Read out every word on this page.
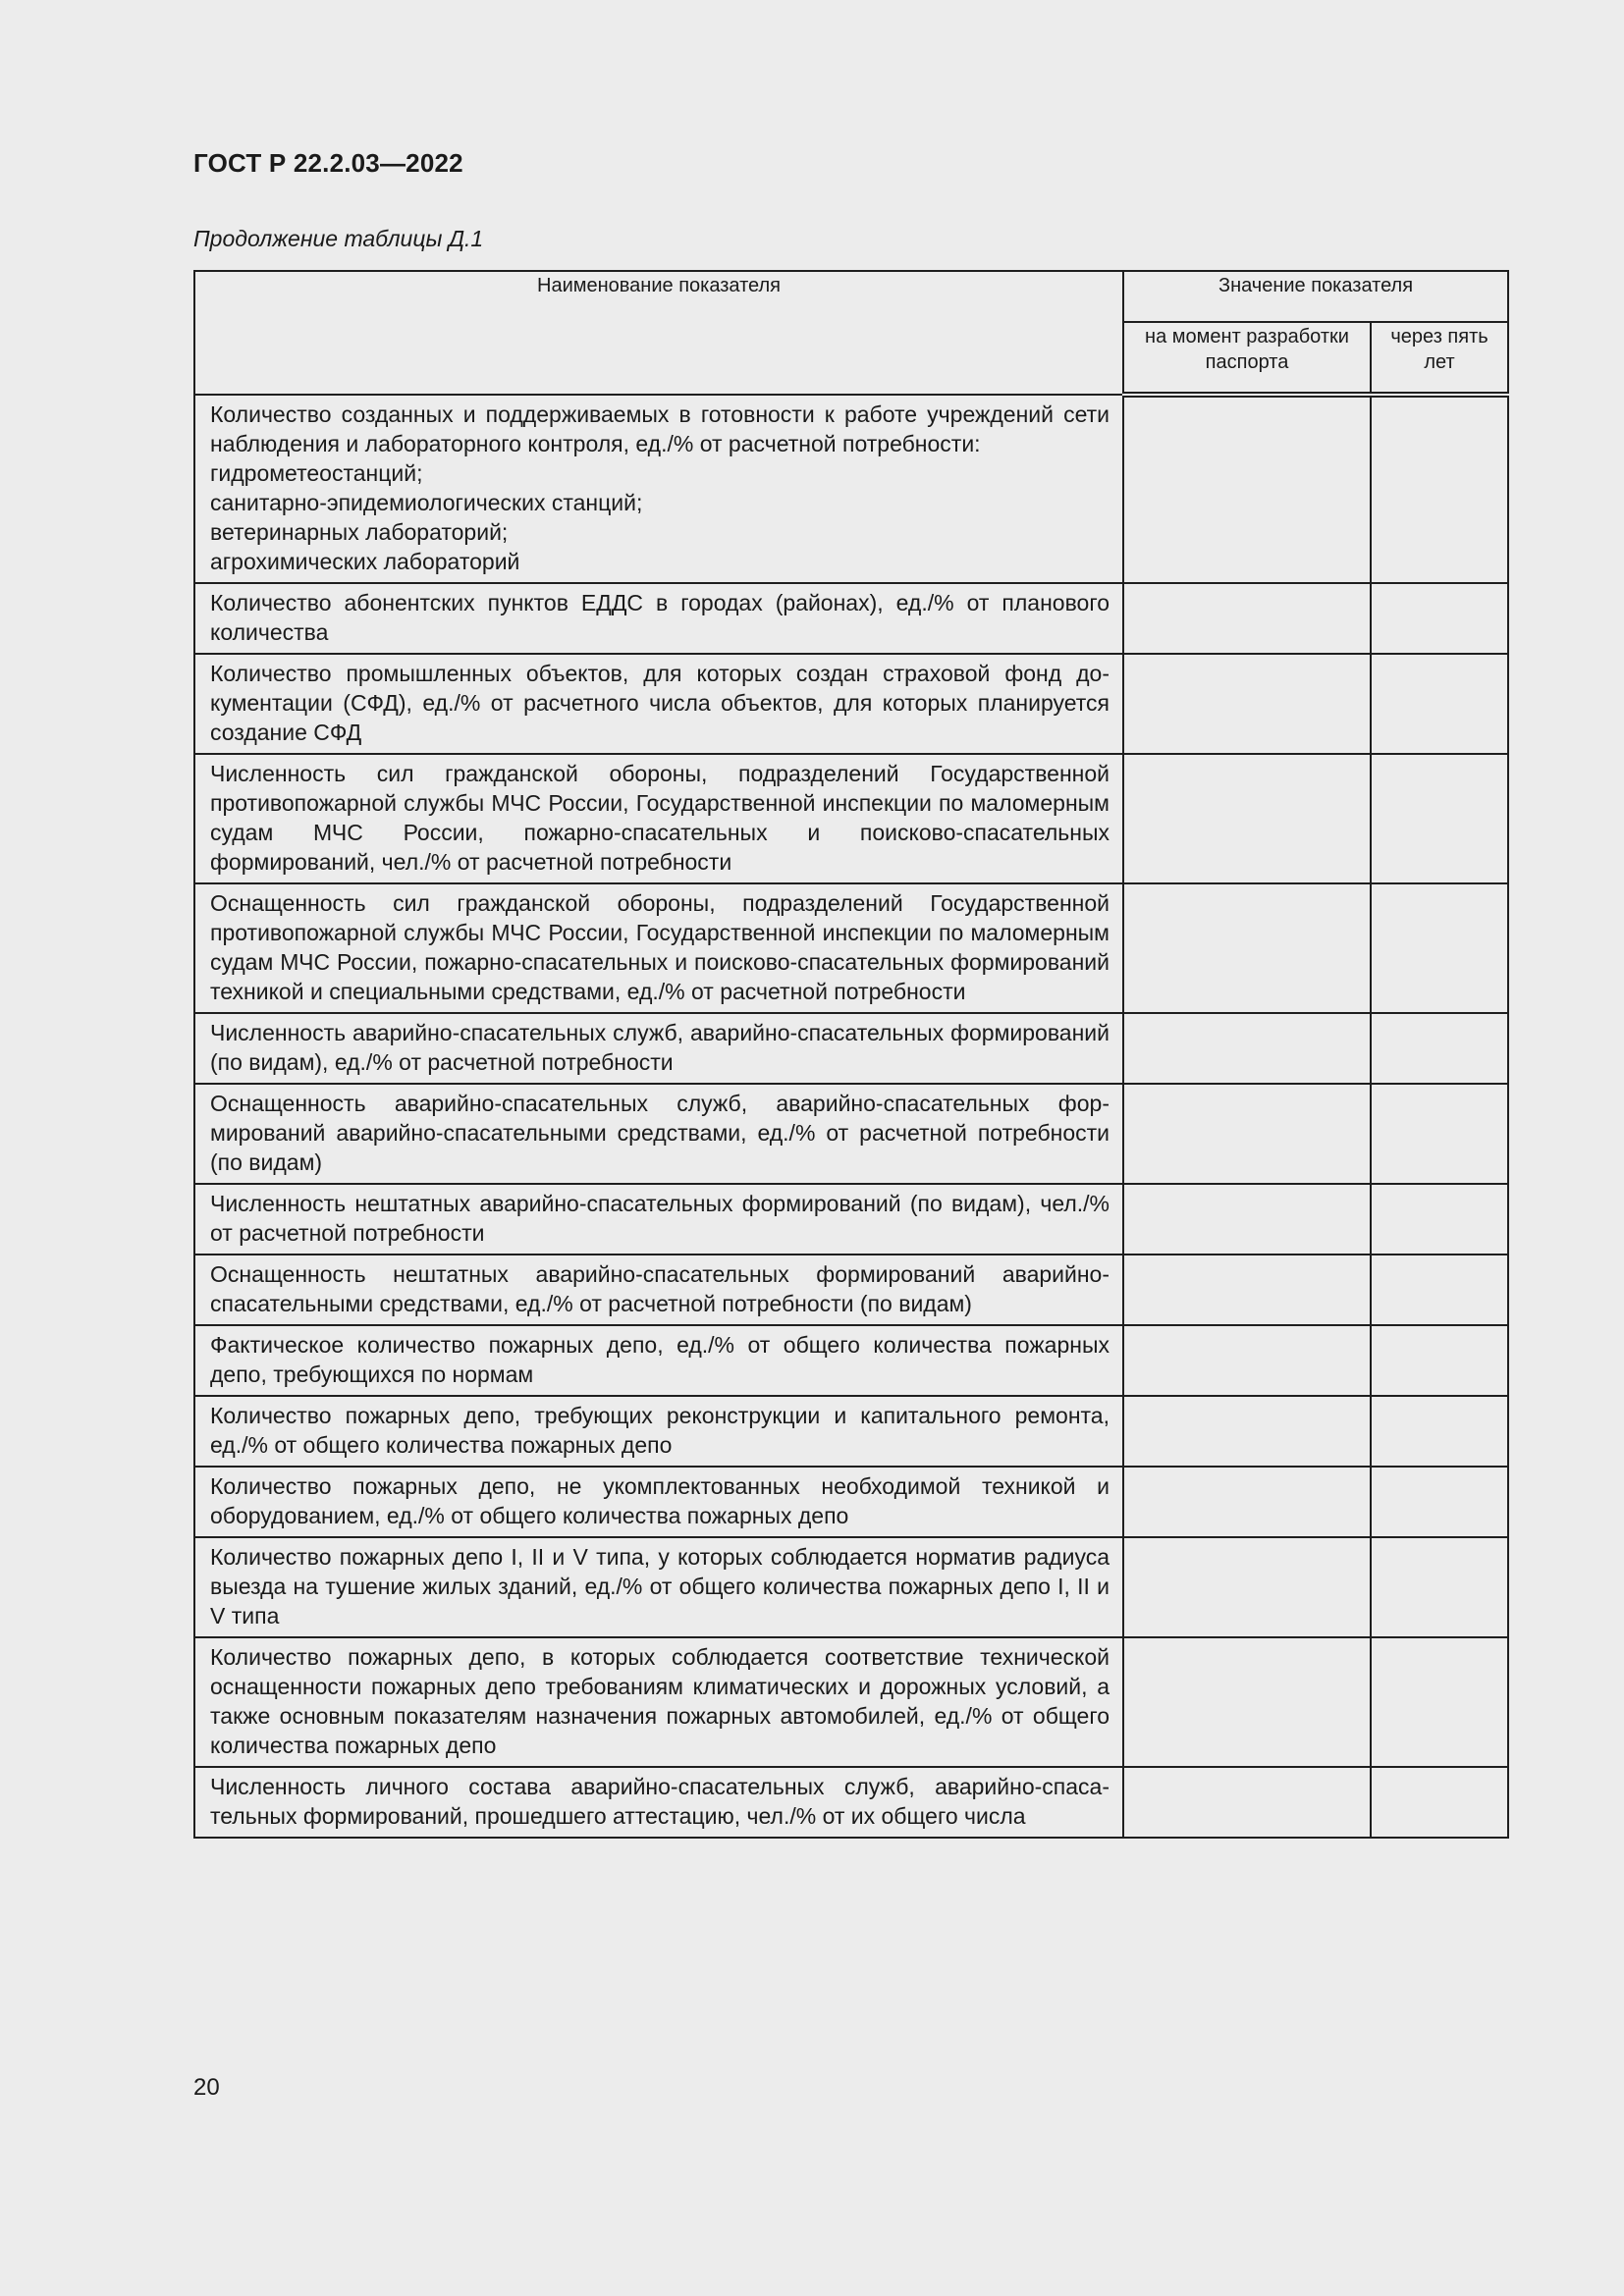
ГОСТ Р 22.2.03—2022
Продолжение таблицы Д.1
Наименование показателя	Значение показателя	
	на момент разработки паспорта	через пять лет

Количество созданных и поддерживаемых в готовности к работе учреждений сети наблюдения и лабораторного контроля, ед./% от расчетной потребности:
гидрометеостанций;
санитарно-эпидемиологических станций;
ветеринарных лабораторий;
агрохимических лабораторий		

Количество абонентских пунктов ЕДДС в городах (районах), ед./% от планового количества		

Количество промышленных объектов, для которых создан страховой фонд документации (СФД), ед./% от расчетного числа объектов, для которых планируется создание СФД		

Численность сил гражданской обороны, подразделений Государственной противопожарной службы МЧС России, Государственной инспекции по маломерным судам МЧС России, пожарно-спасательных и поисково-спасательных формирований, чел./% от расчетной потребности		

Оснащенность сил гражданской обороны, подразделений Государственной противопожарной службы МЧС России, Государственной инспекции по маломерным судам МЧС России, пожарно-спасательных и поисково-спасательных формирований техникой и специальными средствами, ед./% от расчетной потребности		

Численность аварийно-спасательных служб, аварийно-спасательных формирований (по видам), ед./% от расчетной потребности		

Оснащенность аварийно-спасательных служб, аварийно-спасательных формирований аварийно-спасательными средствами, ед./% от расчетной потребности (по видам)		

Численность нештатных аварийно-спасательных формирований (по видам), чел./% от расчетной потребности		

Оснащенность нештатных аварийно-спасательных формирований аварийно-спасательными средствами, ед./% от расчетной потребности (по видам)		

Фактическое количество пожарных депо, ед./% от общего количества пожарных депо, требующихся по нормам		

Количество пожарных депо, требующих реконструкции и капитального ремонта, ед./% от общего количества пожарных депо		

Количество пожарных депо, не укомплектованных необходимой техникой и оборудованием, ед./% от общего количества пожарных депо		

Количество пожарных депо I, II и V типа, у которых соблюдается норматив радиуса выезда на тушение жилых зданий, ед./% от общего количества пожарных депо I, II и V типа		

Количество пожарных депо, в которых соблюдается соответствие технической оснащенности пожарных депо требованиям климатических и дорожных условий, а также основным показателям назначения пожарных автомобилей, ед./% от общего количества пожарных депо		

Численность личного состава аварийно-спасательных служб, аварийно-спасательных формирований, прошедшего аттестацию, чел./% от их общего числа		

20
